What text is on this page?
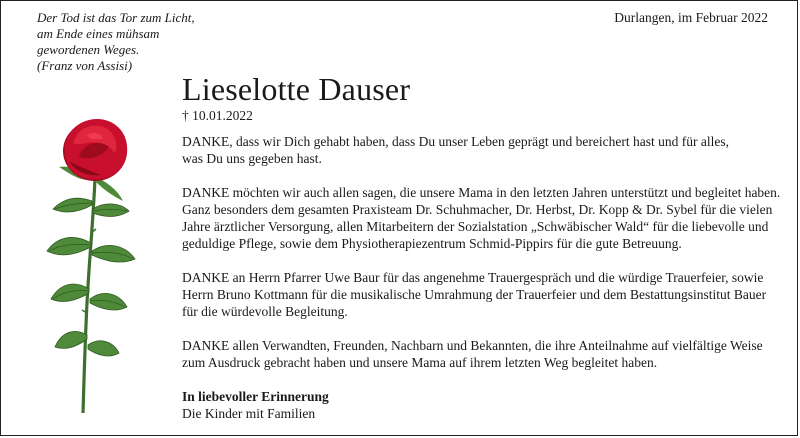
Der Tod ist das Tor zum Licht,
am Ende eines mühsam
gewordenen Weges.
(Franz von Assisi)
Durlangen, im Februar 2022
Lieselotte Dauser
† 10.01.2022

DANKE, dass wir Dich gehabt haben, dass Du unser Leben geprägt und bereichert hast und für alles,
was Du uns gegeben hast.

DANKE möchten wir auch allen sagen, die unsere Mama in den letzten Jahren unterstützt und begleitet haben.
Ganz besonders dem gesamten Praxisteam Dr. Schuhmacher, Dr. Herbst, Dr. Kopp & Dr. Sybel für die vielen
Jahre ärztlicher Versorgung, allen Mitarbeitern der Sozialstation „Schwäbischer Wald“ für die liebevolle und
geduldige Pflege, sowie dem Physiotherapiezentrum Schmid-Pippirs für die gute Betreuung.

DANKE an Herrn Pfarrer Uwe Baur für das angenehme Trauergespräch und die würdige Trauerfeier, sowie
Herrn Bruno Kottmann für die musikalische Umrahmung der Trauerfeier und dem Bestattungsinstitut Bauer
für die würdevolle Begleitung.

DANKE allen Verwandten, Freunden, Nachbarn und Bekannten, die ihre Anteilnahme auf vielfältige Weise
zum Ausdruck gebracht haben und unsere Mama auf ihrem letzten Weg begleitet haben.

In liebevoller Erinnerung
Die Kinder mit Familien
